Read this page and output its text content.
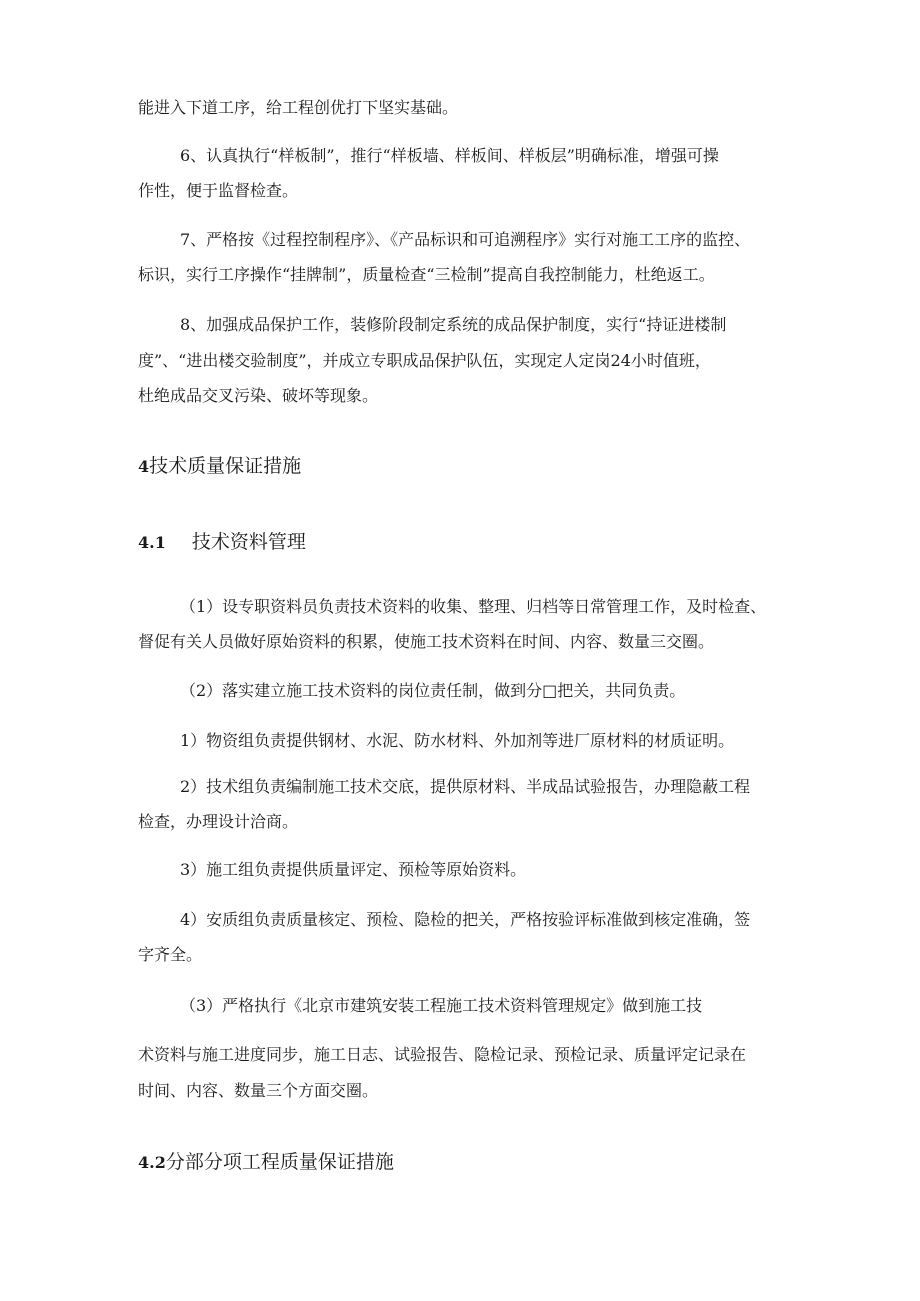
能进入下道工序，给工程创优打下坚实基础。
6、认真执行“样板制”，推行“样板墙、样板间、样板层”明确标准，增强可操
作性，便于监督检查。
7、严格按《过程控制程序》、《产品标识和可追溯程序》实行对施工工序的监控、
标识，实行工序操作“挂牌制”，质量检查“三检制”提高自我控制能力，杜绝返工。
8、加强成品保护工作，装修阶段制定系统的成品保护制度，实行“持证进楼制
度”、“进出楼交验制度”，并成立专职成品保护队伍，实现定人定岗24小时值班，
杜绝成品交叉污染、破坏等现象。
4技术质量保证措施
4.1 技术资料管理
（1）设专职资料员负责技术资料的收集、整理、归档等日常管理工作，及时检查、
督促有关人员做好原始资料的积累，使施工技术资料在时间、内容、数量三交圈。
（2）落实建立施工技术资料的岗位责任制，做到分□把关，共同负责。
1）物资组负责提供钢材、水泥、防水材料、外加剂等进厂原材料的材质证明。
2）技术组负责编制施工技术交底，提供原材料、半成品试验报告，办理隐蔽工程
检查，办理设计洽商。
3）施工组负责提供质量评定、预检等原始资料。
4）安质组负责质量核定、预检、隐检的把关，严格按验评标准做到核定准确，签
字齐全。
（3）严格执行《北京市建筑安装工程施工技术资料管理规定》做到施工技
术资料与施工进度同步，施工日志、试验报告、隐检记录、预检记录、质量评定记录在
时间、内容、数量三个方面交圈。
4.2分部分项工程质量保证措施
